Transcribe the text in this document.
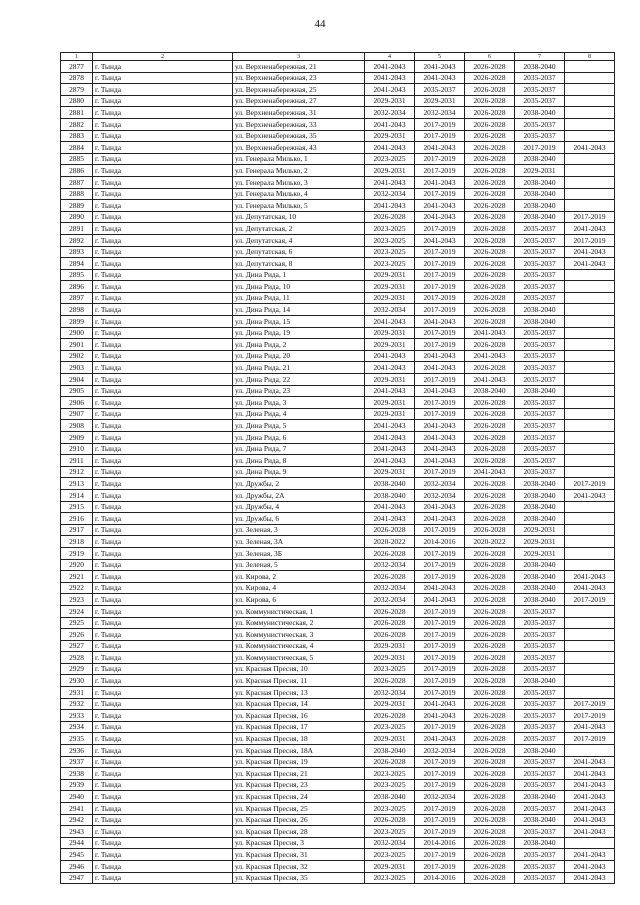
44
1	2	3	4	5	6	7	8
2877	г. Тында	ул. Верхненабережная, 21	2041-2043	2041-2043	2026-2028	2038-2040	
2878	г. Тында	ул. Верхненабережная, 23	2041-2043	2041-2043	2026-2028	2035-2037	
2879	г. Тында	ул. Верхненабережная, 25	2041-2043	2035-2037	2026-2028	2035-2037	
2880	г. Тында	ул. Верхненабережная, 27	2029-2031	2029-2031	2026-2028	2035-2037	
2881	г. Тында	ул. Верхненабережная, 31	2032-2034	2032-2034	2026-2028	2038-2040	
2882	г. Тында	ул. Верхненабережная, 33	2041-2043	2017-2019	2026-2028	2035-2037	
2883	г. Тында	ул. Верхненабережная, 35	2029-2031	2017-2019	2026-2028	2035-2037	
2884	г. Тында	ул. Верхненабережная, 43	2041-2043	2041-2043	2026-2028	2017-2019	2041-2043
2885	г. Тында	ул. Генерала Милько, 1	2023-2025	2017-2019	2026-2028	2038-2040	
2886	г. Тында	ул. Генерала Милько, 2	2029-2031	2017-2019	2026-2028	2029-2031	
2887	г. Тында	ул. Генерала Милько, 3	2041-2043	2041-2043	2026-2028	2038-2040	
2888	г. Тында	ул. Генерала Милько, 4	2032-2034	2017-2019	2026-2028	2038-2040	
2889	г. Тында	ул. Генерала Милько, 5	2041-2043	2041-2043	2026-2028	2038-2040	
2890	г. Тында	ул. Депутатская, 10	2026-2028	2041-2043	2026-2028	2038-2040	2017-2019
2891	г. Тында	ул. Депутатская, 2	2023-2025	2017-2019	2026-2028	2035-2037	2041-2043
2892	г. Тында	ул. Депутатская, 4	2023-2025	2041-2043	2026-2028	2035-2037	2017-2019
2893	г. Тында	ул. Депутатская, 6	2023-2025	2017-2019	2026-2028	2035-2037	2041-2043
2894	г. Тында	ул. Депутатская, 8	2023-2025	2017-2019	2026-2028	2035-2037	2041-2043
2895	г. Тында	ул. Дина Рида, 1	2029-2031	2017-2019	2026-2028	2035-2037	
2896	г. Тында	ул. Дина Рида, 10	2029-2031	2017-2019	2026-2028	2035-2037	
2897	г. Тында	ул. Дина Рида, 11	2029-2031	2017-2019	2026-2028	2035-2037	
2898	г. Тында	ул. Дина Рида, 14	2032-2034	2017-2019	2026-2028	2038-2040	
2899	г. Тында	ул. Дина Рида, 15	2041-2043	2041-2043	2026-2028	2038-2040	
2900	г. Тында	ул. Дина Рида, 19	2029-2031	2017-2019	2041-2043	2035-2037	
2901	г. Тында	ул. Дина Рида, 2	2029-2031	2017-2019	2026-2028	2035-2037	
2902	г. Тында	ул. Дина Рида, 20	2041-2043	2041-2043	2041-2043	2035-2037	
2903	г. Тында	ул. Дина Рида, 21	2041-2043	2041-2043	2026-2028	2035-2037	
2904	г. Тында	ул. Дина Рида, 22	2029-2031	2017-2019	2041-2043	2035-2037	
2905	г. Тында	ул. Дина Рида, 23	2041-2043	2041-2043	2038-2040	2038-2040	
2906	г. Тында	ул. Дина Рида, 3	2029-2031	2017-2019	2026-2028	2035-2037	
2907	г. Тында	ул. Дина Рида, 4	2029-2031	2017-2019	2026-2028	2035-2037	
2908	г. Тында	ул. Дина Рида, 5	2041-2043	2041-2043	2026-2028	2035-2037	
2909	г. Тында	ул. Дина Рида, 6	2041-2043	2041-2043	2026-2028	2035-2037	
2910	г. Тында	ул. Дина Рида, 7	2041-2043	2041-2043	2026-2028	2035-2037	
2911	г. Тында	ул. Дина Рида, 8	2041-2043	2041-2043	2026-2028	2035-2037	
2912	г. Тында	ул. Дина Рида, 9	2029-2031	2017-2019	2041-2043	2035-2037	
2913	г. Тында	ул. Дружбы, 2	2038-2040	2032-2034	2026-2028	2038-2040	2017-2019
2914	г. Тында	ул. Дружбы, 2А	2038-2040	2032-2034	2026-2028	2038-2040	2041-2043
2915	г. Тында	ул. Дружбы, 4	2041-2043	2041-2043	2026-2028	2038-2040	
2916	г. Тында	ул. Дружбы, 6	2041-2043	2041-2043	2026-2028	2038-2040	
2917	г. Тында	ул. Зеленая, 3	2026-2028	2017-2019	2026-2028	2029-2031	
2918	г. Тында	ул. Зеленая, 3А	2020-2022	2014-2016	2020-2022	2029-2031	
2919	г. Тында	ул. Зеленая, 3Б	2026-2028	2017-2019	2026-2028	2029-2031	
2920	г. Тында	ул. Зеленая, 5	2032-2034	2017-2019	2026-2028	2038-2040	
2921	г. Тында	ул. Кирова, 2	2026-2028	2017-2019	2026-2028	2038-2040	2041-2043
2922	г. Тында	ул. Кирова, 4	2032-2034	2041-2043	2026-2028	2038-2040	2041-2043
2923	г. Тында	ул. Кирова, 6	2032-2034	2041-2043	2026-2028	2038-2040	2017-2019
2924	г. Тында	ул. Коммунистическая, 1	2026-2028	2017-2019	2026-2028	2035-2037	
2925	г. Тында	ул. Коммунистическая, 2	2026-2028	2017-2019	2026-2028	2035-2037	
2926	г. Тында	ул. Коммунистическая, 3	2026-2028	2017-2019	2026-2028	2035-2037	
2927	г. Тында	ул. Коммунистическая, 4	2029-2031	2017-2019	2026-2028	2035-2037	
2928	г. Тында	ул. Коммунистическая, 5	2029-2031	2017-2019	2026-2028	2035-2037	
2929	г. Тында	ул. Красная Пресня, 10	2023-2025	2017-2019	2026-2028	2035-2037	
2930	г. Тында	ул. Красная Пресня, 11	2026-2028	2017-2019	2026-2028	2038-2040	
2931	г. Тында	ул. Красная Пресня, 13	2032-2034	2017-2019	2026-2028	2035-2037	
2932	г. Тында	ул. Красная Пресня, 14	2029-2031	2041-2043	2026-2028	2035-2037	2017-2019
2933	г. Тында	ул. Красная Пресня, 16	2026-2028	2041-2043	2026-2028	2035-2037	2017-2019
2934	г. Тында	ул. Красная Пресня, 17	2023-2025	2017-2019	2026-2028	2035-2037	2041-2043
2935	г. Тында	ул. Красная Пресня, 18	2029-2031	2041-2043	2026-2028	2035-2037	2017-2019
2936	г. Тында	ул. Красная Пресня, 18А	2038-2040	2032-2034	2026-2028	2038-2040	
2937	г. Тында	ул. Красная Пресня, 19	2026-2028	2017-2019	2026-2028	2035-2037	2041-2043
2938	г. Тында	ул. Красная Пресня, 21	2023-2025	2017-2019	2026-2028	2035-2037	2041-2043
2939	г. Тында	ул. Красная Пресня, 23	2023-2025	2017-2019	2026-2028	2035-2037	2041-2043
2940	г. Тында	ул. Красная Пресня, 24	2038-2040	2032-2034	2026-2028	2038-2040	2041-2043
2941	г. Тында	ул. Красная Пресня, 25	2023-2025	2017-2019	2026-2028	2035-2037	2041-2043
2942	г. Тында	ул. Красная Пресня, 26	2026-2028	2017-2019	2026-2028	2038-2040	2041-2043
2943	г. Тында	ул. Красная Пресня, 28	2023-2025	2017-2019	2026-2028	2035-2037	2041-2043
2944	г. Тында	ул. Красная Пресня, 3	2032-2034	2014-2016	2026-2028	2038-2040	
2945	г. Тында	ул. Красная Пресня, 31	2023-2025	2017-2019	2026-2028	2035-2037	2041-2043
2946	г. Тында	ул. Красная Пресня, 32	2029-2031	2017-2019	2026-2028	2035-2037	2041-2043
2947	г. Тында	ул. Красная Пресня, 35	2023-2025	2014-2016	2026-2028	2035-2037	2041-2043
